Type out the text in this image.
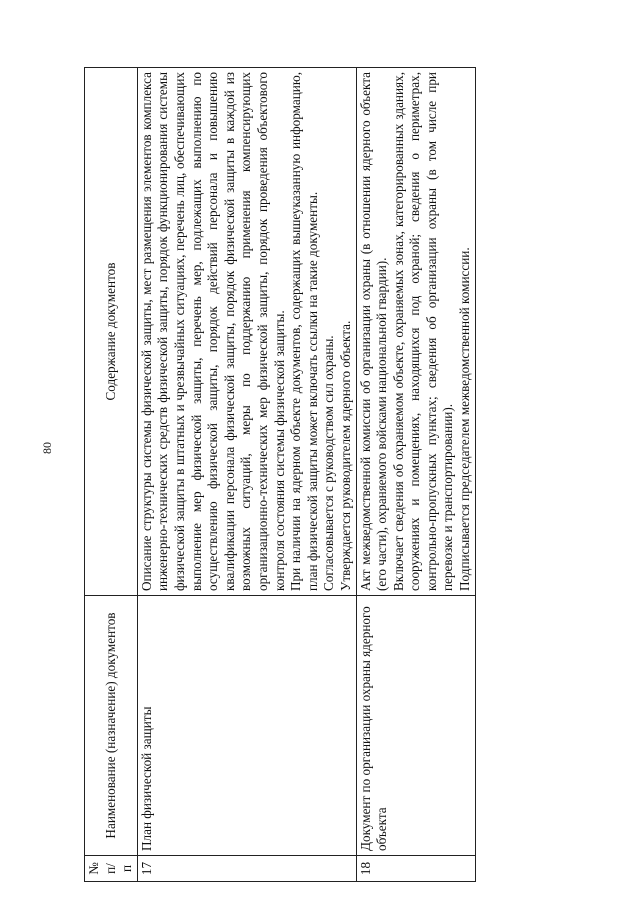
80
№ п/п	Наименование (назначение) документов	Содержание документов
17	План физической защиты	Описание структуры системы физической защиты, мест размещения элементов комплекса инженерно-технических средств физической защиты, порядок функционирования системы физической защиты в штатных и чрезвычайных ситуациях, перечень лиц, обеспечивающих выполнение мер физической защиты, перечень мер, подлежащих выполнению по осуществлению физической защиты, порядок действий персонала и повышению квалификации персонала физической защиты, порядок физической защиты в каждой из возможных ситуаций, меры по поддержанию применения компенсирующих организационно-технических мер физической защиты, порядок проведения объектового контроля состояния системы физической защиты. При наличии на ядерном объекте документов, содержащих вышеуказанную информацию, план физической защиты может включать ссылки на такие документы. Согласовывается с руководством сил охраны. Утверждается руководителем ядерного объекта.

18	Документ по организации охраны ядерного объекта	Акт межведомственной комиссии об организации охраны (в отношении ядерного объекта (его части), охраняемого войсками национальной гвардии). Включает сведения об охраняемом объекте, охраняемых зонах, категорированных зданиях, сооружениях и помещениях, находящихся под охраной; сведения о периметрах, контрольно-пропускных пунктах; сведения об организации охраны (в том числе при перевозке и транспортировании). Подписывается председателем межведомственной комиссии.
